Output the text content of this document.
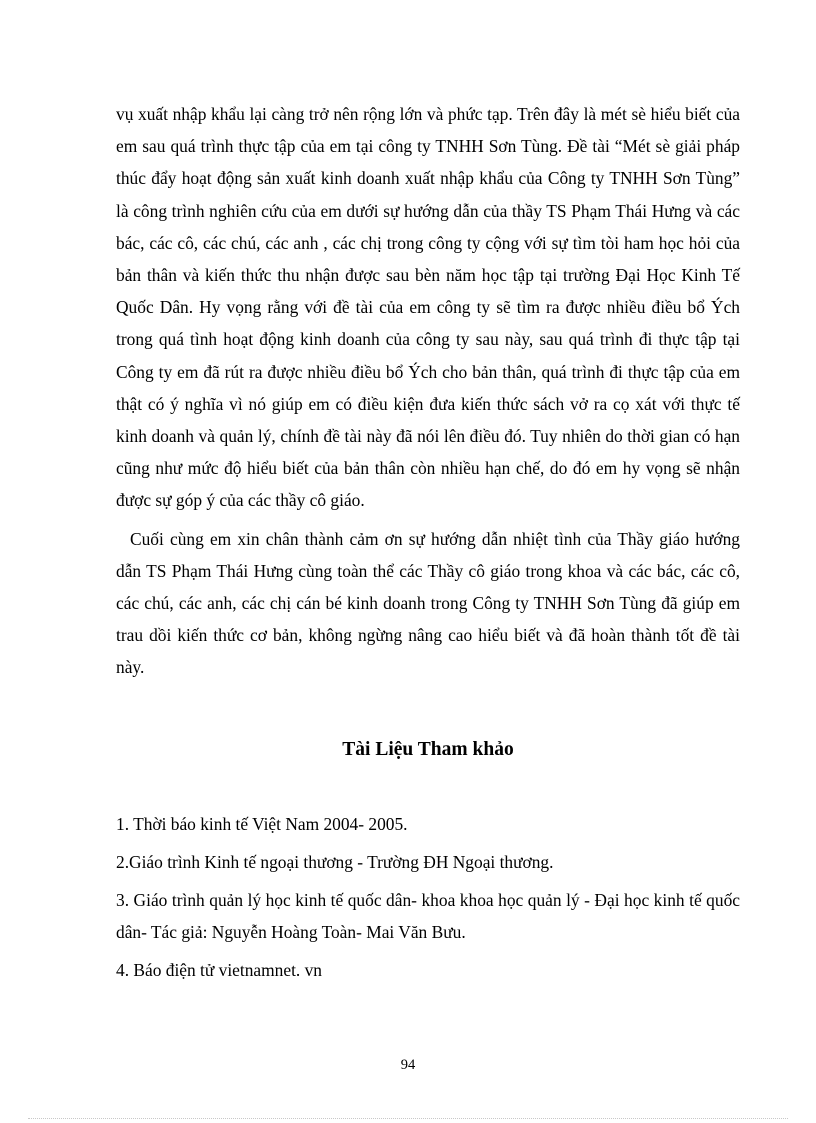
vụ xuất nhập khẩu lại càng trở nên rộng lớn và phức tạp. Trên đây là mét sè hiểu biết của em sau quá trình thực tập của em tại công ty TNHH Sơn Tùng. Đề tài “Mét sè giải pháp thúc đẩy hoạt động sản xuất kinh doanh xuất nhập khẩu của Công ty TNHH Sơn Tùng” là công trình nghiên cứu của em dưới sự hướng dẫn của thầy TS Phạm Thái Hưng và các bác, các cô, các chú, các anh , các chị trong công ty cộng với sự tìm tòi ham học hỏi của bản thân và kiến thức thu nhận được sau bèn năm học tập tại trường Đại Học Kinh Tế Quốc Dân. Hy vọng rằng với đề tài của em công ty sẽ tìm ra được nhiều điều bổ Ých trong quá tình hoạt động kinh doanh của công ty sau này, sau quá trình đi thực tập tại Công ty em đã rút ra được nhiều điều bổ Ých cho bản thân, quá trình đi thực tập của em thật có ý nghĩa vì nó giúp em có điều kiện đưa kiến thức sách vở ra cọ xát với thực tế kinh doanh và quản lý, chính đề tài này đã nói lên điều đó. Tuy nhiên do thời gian có hạn cũng như mức độ hiểu biết của bản thân còn nhiều hạn chế, do đó em hy vọng sẽ nhận được sự góp ý của các thầy cô giáo.

Cuối cùng em xin chân thành cảm ơn sự hướng dẫn nhiệt tình của Thầy giáo hướng dẫn TS Phạm Thái Hưng cùng toàn thể các Thầy cô giáo trong khoa và các bác, các cô, các chú, các anh, các chị cán bé kinh doanh trong Công ty TNHH Sơn Tùng đã giúp em trau dồi kiến thức cơ bản, không ngừng nâng cao hiểu biết và đã hoàn thành tốt đề tài này.

Tài Liệu Tham khảo
1. Thời báo kinh tế Việt Nam 2004- 2005.
2.Giáo trình Kinh tế ngoại thương - Trường ĐH Ngoại thương.
3. Giáo trình quản lý học kinh tế quốc dân- khoa khoa học quản lý - Đại học kinh tế quốc dân- Tác giả: Nguyễn Hoàng Toàn- Mai Văn Bưu.
4. Báo điện tử vietnamnet. vn
94
